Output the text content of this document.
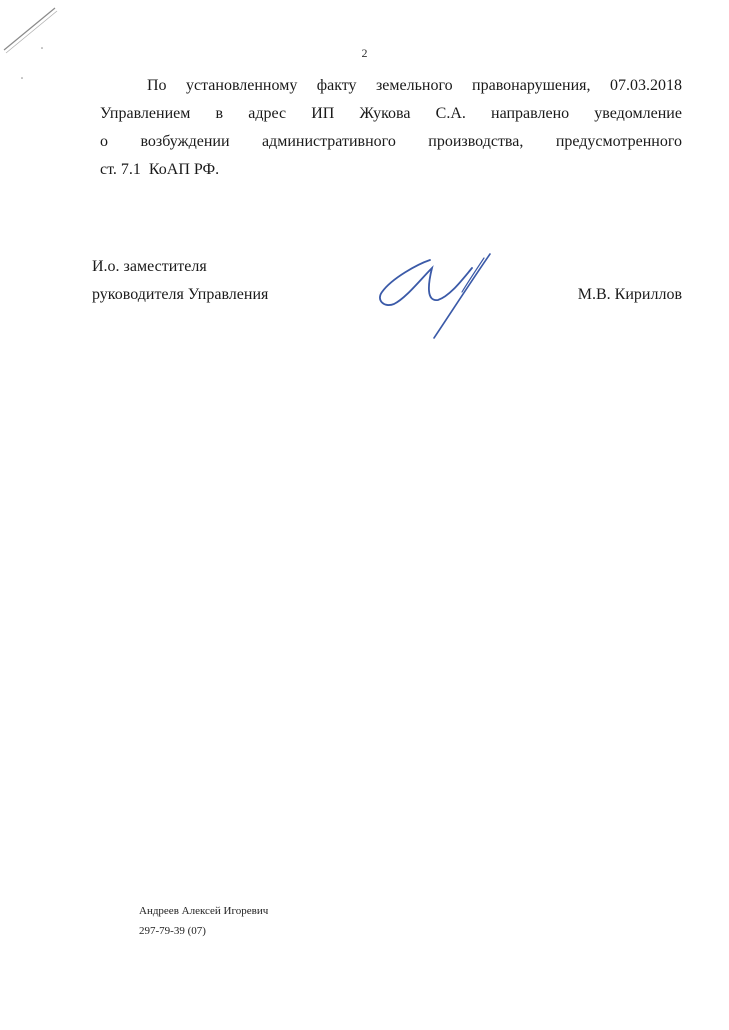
2
По установленному факту земельного правонарушения, 07.03.2018
Управлением в адрес ИП Жукова С.А. направлено уведомление
о возбуждении административного производства, предусмотренного
ст. 7.1  КоАП РФ.
И.о. заместителя
руководителя Управления	М.В. Кириллов
Андреев Алексей Игоревич
297-79-39 (07)
